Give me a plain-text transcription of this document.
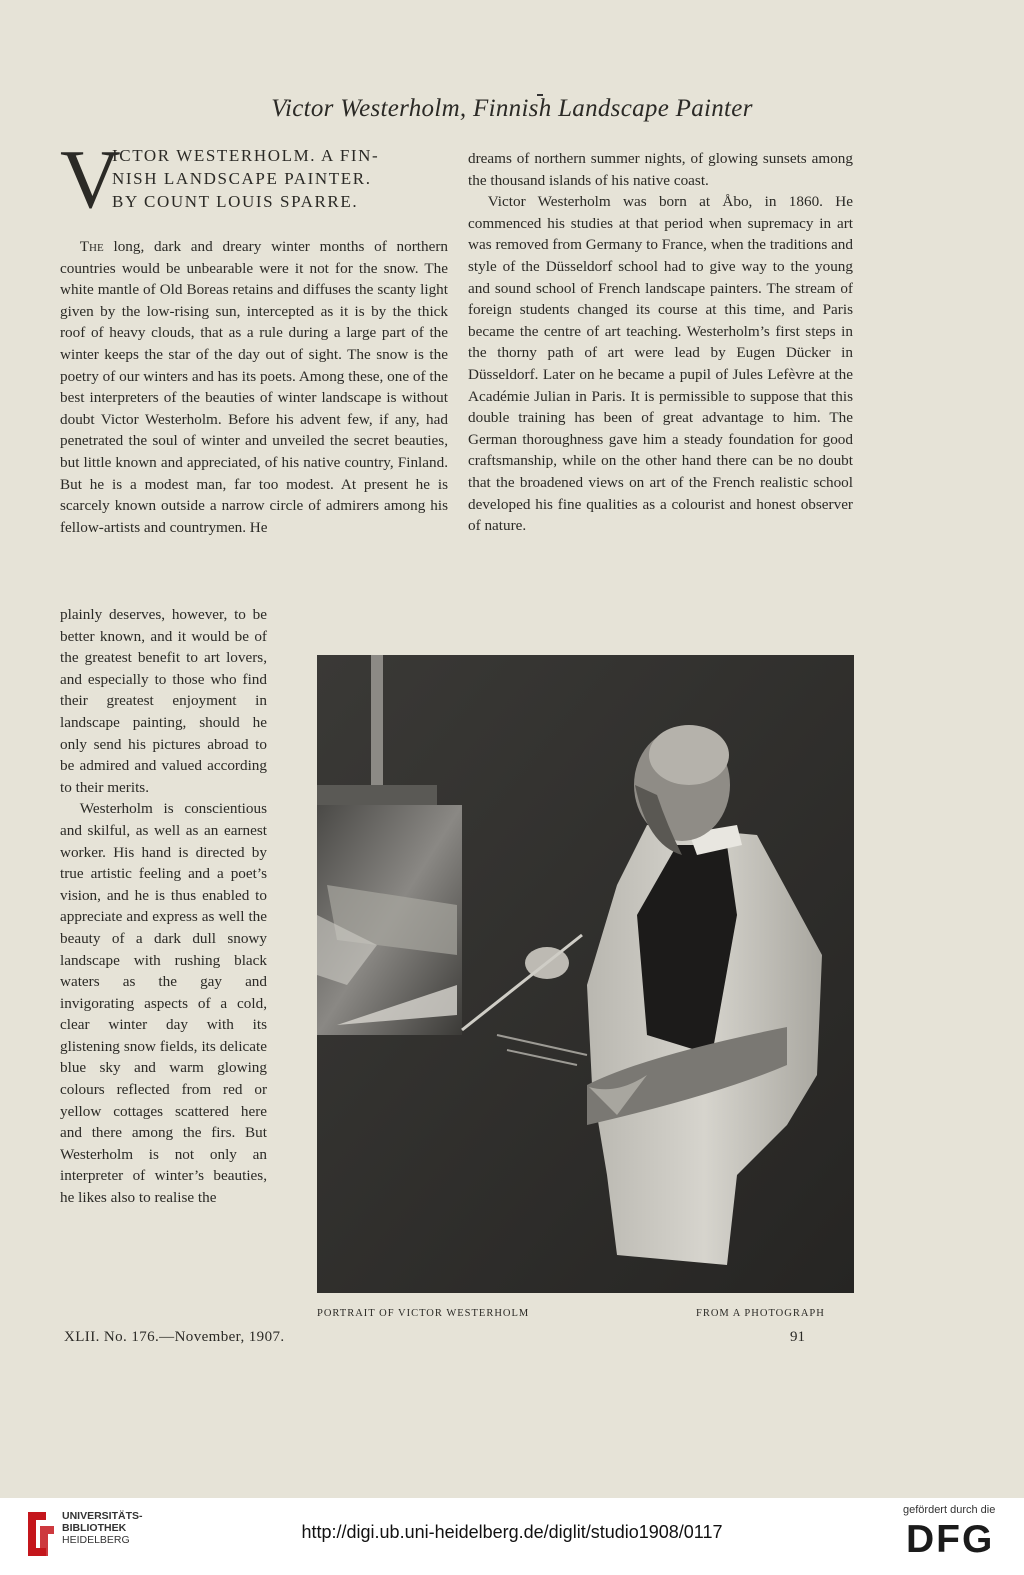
Victor Westerholm, Finnish Landscape Painter
V
ICTOR WESTERHOLM. A FIN-
NISH LANDSCAPE PAINTER.
BY COUNT LOUIS SPARRE.

The long, dark and dreary winter months of northern countries would be unbearable were it not for the snow. The white mantle of Old Boreas retains and diffuses the scanty light given by the low-rising sun, intercepted as it is by the thick roof of heavy clouds, that as a rule during a large part of the winter keeps the star of the day out of sight. The snow is the poetry of our winters and has its poets. Among these, one of the best interpreters of the beauties of winter landscape is without doubt Victor Westerholm. Before his advent few, if any, had penetrated the soul of winter and unveiled the secret beauties, but little known and appreciated, of his native country, Finland. But he is a modest man, far too modest. At present he is scarcely known outside a narrow circle of admirers among his fellow-artists and countrymen. He

plainly deserves, however, to be better known, and it would be of the greatest benefit to art lovers, and especially to those who find their greatest enjoyment in landscape painting, should he only send his pictures abroad to be admired and valued according to their merits.

Westerholm is conscientious and skilful, as well as an earnest worker. His hand is directed by true artistic feeling and a poet’s vision, and he is thus enabled to appreciate and express as well the beauty of a dark dull snowy landscape with rushing black waters as the gay and invigorating aspects of a cold, clear winter day with its glistening snow fields, its delicate blue sky and warm glowing colours reflected from red or yellow cottages scattered here and there among the firs. But Westerholm is not only an interpreter of winter’s beauties, he likes also to realise the

dreams of northern summer nights, of glowing sunsets among the thousand islands of his native coast.

Victor Westerholm was born at Åbo, in 1860. He commenced his studies at that period when supremacy in art was removed from Germany to France, when the traditions and style of the Düsseldorf school had to give way to the young and sound school of French landscape painters. The stream of foreign students changed its course at this time, and Paris became the centre of art teaching. Westerholm’s first steps in the thorny path of art were lead by Eugen Dücker in Düsseldorf. Later on he became a pupil of Jules Lefèvre at the Académie Julian in Paris. It is permissible to suppose that this double training has been of great advantage to him. The German thoroughness gave him a steady foundation for good craftsmanship, while on the other hand there can be no doubt that the broadened views on art of the French realistic school developed his fine qualities as a colourist and honest observer of nature.

PORTRAIT OF VICTOR WESTERHOLM	FROM A PHOTOGRAPH
XLII. No. 176.—November, 1907.	91
UNIVERSITÄTS-
BIBLIOTHEK
HEIDELBERG	http://digi.ub.uni-heidelberg.de/diglit/studio1908/0117
gefördert durch die
DFG
